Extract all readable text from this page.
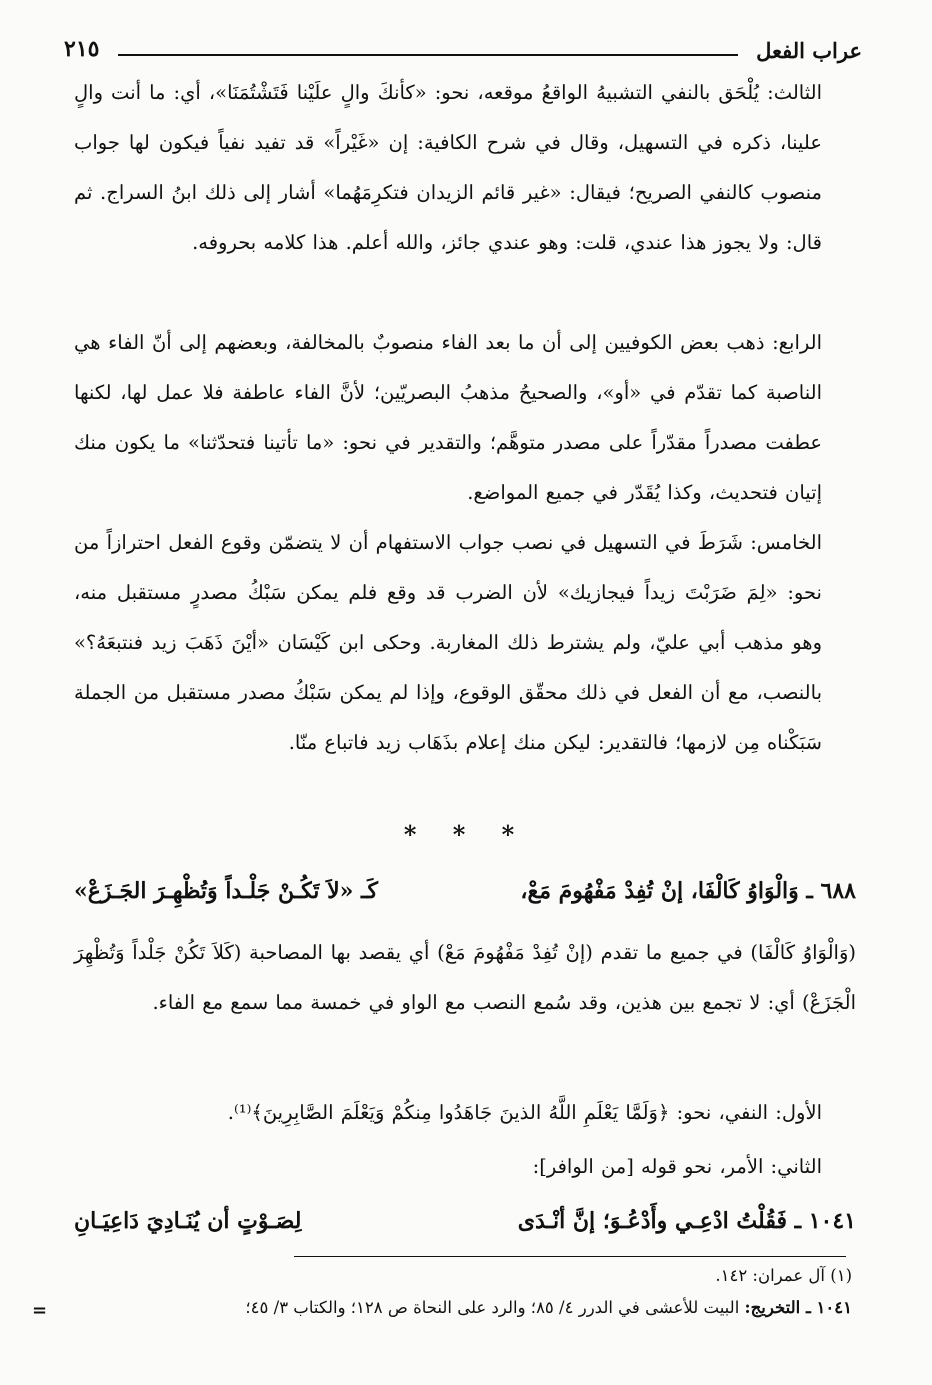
عراب الفعل
٢١٥

الثالث: يُلْحَق بالنفي التشبيهُ الواقعُ موقعه، نحو: «كأنكَ والٍ علَيْنا فَتَشْتُمَنَا»، أي: ما أنت والٍ علينا، ذكره في التسهيل، وقال في شرح الكافية: إن «غَيْراً» قد تفيد نفياً فيكون لها جواب منصوب كالنفي الصريح؛ فيقال: «غير قائم الزيدان فتكرِمَهُما» أشار إلى ذلك ابنُ السراج. ثم قال: ولا يجوز هذا عندي، قلت: وهو عندي جائز، والله أعلم. هذا كلامه بحروفه.

الرابع: ذهب بعض الكوفيين إلى أن ما بعد الفاء منصوبٌ بالمخالفة، وبعضهم إلى أنّ الفاء هي الناصبة كما تقدّم في «أو»، والصحيحُ مذهبُ البصريّين؛ لأنَّ الفاء عاطفة فلا عمل لها، لكنها عطفت مصدراً مقدّراً على مصدر متوهَّم؛ والتقدير في نحو: «ما تأتينا فتحدّثنا» ما يكون منك إتيان فتحديث، وكذا يُقَدّر في جميع المواضع.

الخامس: شَرَطَ في التسهيل في نصب جواب الاستفهام أن لا يتضمّن وقوع الفعل احترازاً من نحو: «لِمَ ضَرَبْتَ زيداً فيجازيك» لأن الضرب قد وقع فلم يمكن سَبْكُ مصدرٍ مستقبل منه، وهو مذهب أبي عليّ، ولم يشترط ذلك المغاربة. وحكى ابن كَيْسَان «أيْنَ ذَهَبَ زيد فنتبعَهُ؟» بالنصب، مع أن الفعل في ذلك محقّق الوقوع، وإذا لم يمكن سَبْكُ مصدر مستقبل من الجملة سَبَكْناه مِن لازمها؛ فالتقدير: ليكن منك إعلام بذَهَاب زيد فاتباع منّا.

* * *
٦٨٨ ـ وَالْوَاوُ كَالْفَا، إنْ تُفِدْ مَفْهُومَ مَعْ،
كَـ «لاَ تَكُـنْ جَلْـداً وَتُظْهِـرَ الجَـزَعْ»

(وَالْوَاوُ كَالْفَا) في جميع ما تقدم (إنْ تُفِدْ مَفْهُومَ مَعْ) أي يقصد بها المصاحبة (كَلاَ تَكُنْ جَلْداً وَتُظْهِرَ الْجَزَعْ) أي: لا تجمع بين هذين، وقد سُمع النصب مع الواو في خمسة مما سمع مع الفاء.

الأول: النفي، نحو: ﴿وَلَمَّا يَعْلَمِ اللَّهُ الذينَ جَاهَدُوا مِنكُمْ وَيَعْلَمَ الصَّابِرِينَ﴾⁽¹⁾.

الثاني: الأمر، نحو قوله [من الوافر]:

١٠٤١ ـ فَقُلْتُ ادْعِـي وأَدْعُـوَ؛ إنَّ أنْـدَى
لِصَـوْتٍ أن يُنَـادِيَ دَاعِيَـانِ
(١) آل عمران: ١٤٢.
١٠٤١ ـ التخريج: البيت للأعشى في الدرر ٤/ ٨٥؛ والرد على النحاة ص ١٢٨؛ والكتاب ٣/ ٤٥؛
=
